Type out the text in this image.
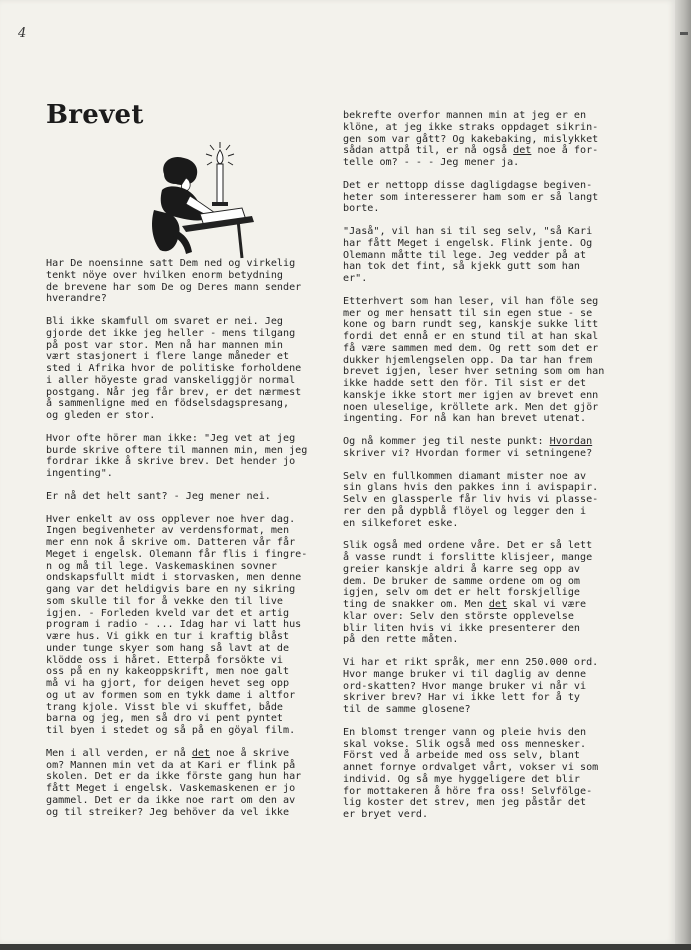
4
Brevet

Har De noensinne satt Dem ned og virkelig
tenkt nöye over hvilken enorm betydning
de brevene har som De og Deres mann sender
hverandre?

Bli ikke skamfull om svaret er nei. Jeg
gjorde det ikke jeg heller - mens tilgang
på post var stor. Men nå har mannen min
vært stasjonert i flere lange måneder et
sted i Afrika hvor de politiske forholdene
i aller höyeste grad vanskeliggjör normal
postgang. Når jeg får brev, er det nærmest
å sammenligne med en födselsdagspresang,
og gleden er stor.

Hvor ofte hörer man ikke: "Jeg vet at jeg
burde skrive oftere til mannen min, men jeg
fordrar ikke å skrive brev. Det hender jo
ingenting".

Er nå det helt sant? - Jeg mener nei.

Hver enkelt av oss opplever noe hver dag.
Ingen begivenheter av verdensformat, men
mer enn nok å skrive om. Datteren vår får
Meget i engelsk. Olemann får flis i fingre-
n og må til lege. Vaskemaskinen sovner
ondskapsfullt midt i storvasken, men denne
gang var det heldigvis bare en ny sikring
som skulle til for å vekke den til live
igjen. - Forleden kveld var det et artig
program i radio - ... Idag har vi latt hus
være hus. Vi gikk en tur i kraftig blåst
under tunge skyer som hang så lavt at de
klödde oss i håret. Etterpå forsökte vi
oss på en ny kakeoppskrift, men noe galt
må vi ha gjort, for deigen hevet seg opp
og ut av formen som en tykk dame i altfor
trang kjole. Visst ble vi skuffet, både
barna og jeg, men så dro vi pent pyntet
til byen i stedet og så på en göyal film.

Men i all verden, er nå det noe å skrive
om? Mannen min vet da at Kari er flink på
skolen. Det er da ikke förste gang hun har
fått Meget i engelsk. Vaskemaskenen er jo
gammel. Det er da ikke noe rart om den av
og til streiker? Jeg behöver da vel ikke

bekrefte overfor mannen min at jeg er en
klöne, at jeg ikke straks oppdaget sikrin-
gen som var gått? Og kakebaking, mislykket
sådan attpå til, er nå også det noe å for-
telle om? - - - Jeg mener ja.

Det er nettopp disse dagligdagse begiven-
heter som interesserer ham som er så langt
borte.

"Jaså", vil han si til seg selv, "så Kari
har fått Meget i engelsk. Flink jente. Og
Olemann måtte til lege. Jeg vedder på at
han tok det fint, så kjekk gutt som han
er".

Etterhvert som han leser, vil han föle seg
mer og mer hensatt til sin egen stue - se
kone og barn rundt seg, kanskje sukke litt
fordi det ennå er en stund til at han skal
få være sammen med dem. Og rett som det er
dukker hjemlengselen opp. Da tar han frem
brevet igjen, leser hver setning som om han
ikke hadde sett den för. Til sist er det
kanskje ikke stort mer igjen av brevet enn
noen uleselige, kröllete ark. Men det gjör
ingenting. For nå kan han brevet utenat.

Og nå kommer jeg til neste punkt: Hvordan
skriver vi? Hvordan former vi setningene?

Selv en fullkommen diamant mister noe av
sin glans hvis den pakkes inn i avispapir.
Selv en glassperle får liv hvis vi plasse-
rer den på dypblå flöyel og legger den i
en silkeforet eske.

Slik også med ordene våre. Det er så lett
å vasse rundt i forslitte klisjeer, mange
greier kanskje aldri å karre seg opp av
dem. De bruker de samme ordene om og om
igjen, selv om det er helt forskjellige
ting de snakker om. Men det skal vi være
klar over: Selv den störste opplevelse
blir liten hvis vi ikke presenterer den
på den rette måten.

Vi har et rikt språk, mer enn 250.000 ord.
Hvor mange bruker vi til daglig av denne
ord-skatten? Hvor mange bruker vi når vi
skriver brev? Har vi ikke lett for å ty
til de samme glosene?

En blomst trenger vann og pleie hvis den
skal vokse. Slik også med oss mennesker.
Först ved å arbeide med oss selv, blant
annet fornye ordvalget vårt, vokser vi som
individ. Og så mye hyggeligere det blir
for mottakeren å höre fra oss! Selvfölge-
lig koster det strev, men jeg påstår det
er bryet verd.
